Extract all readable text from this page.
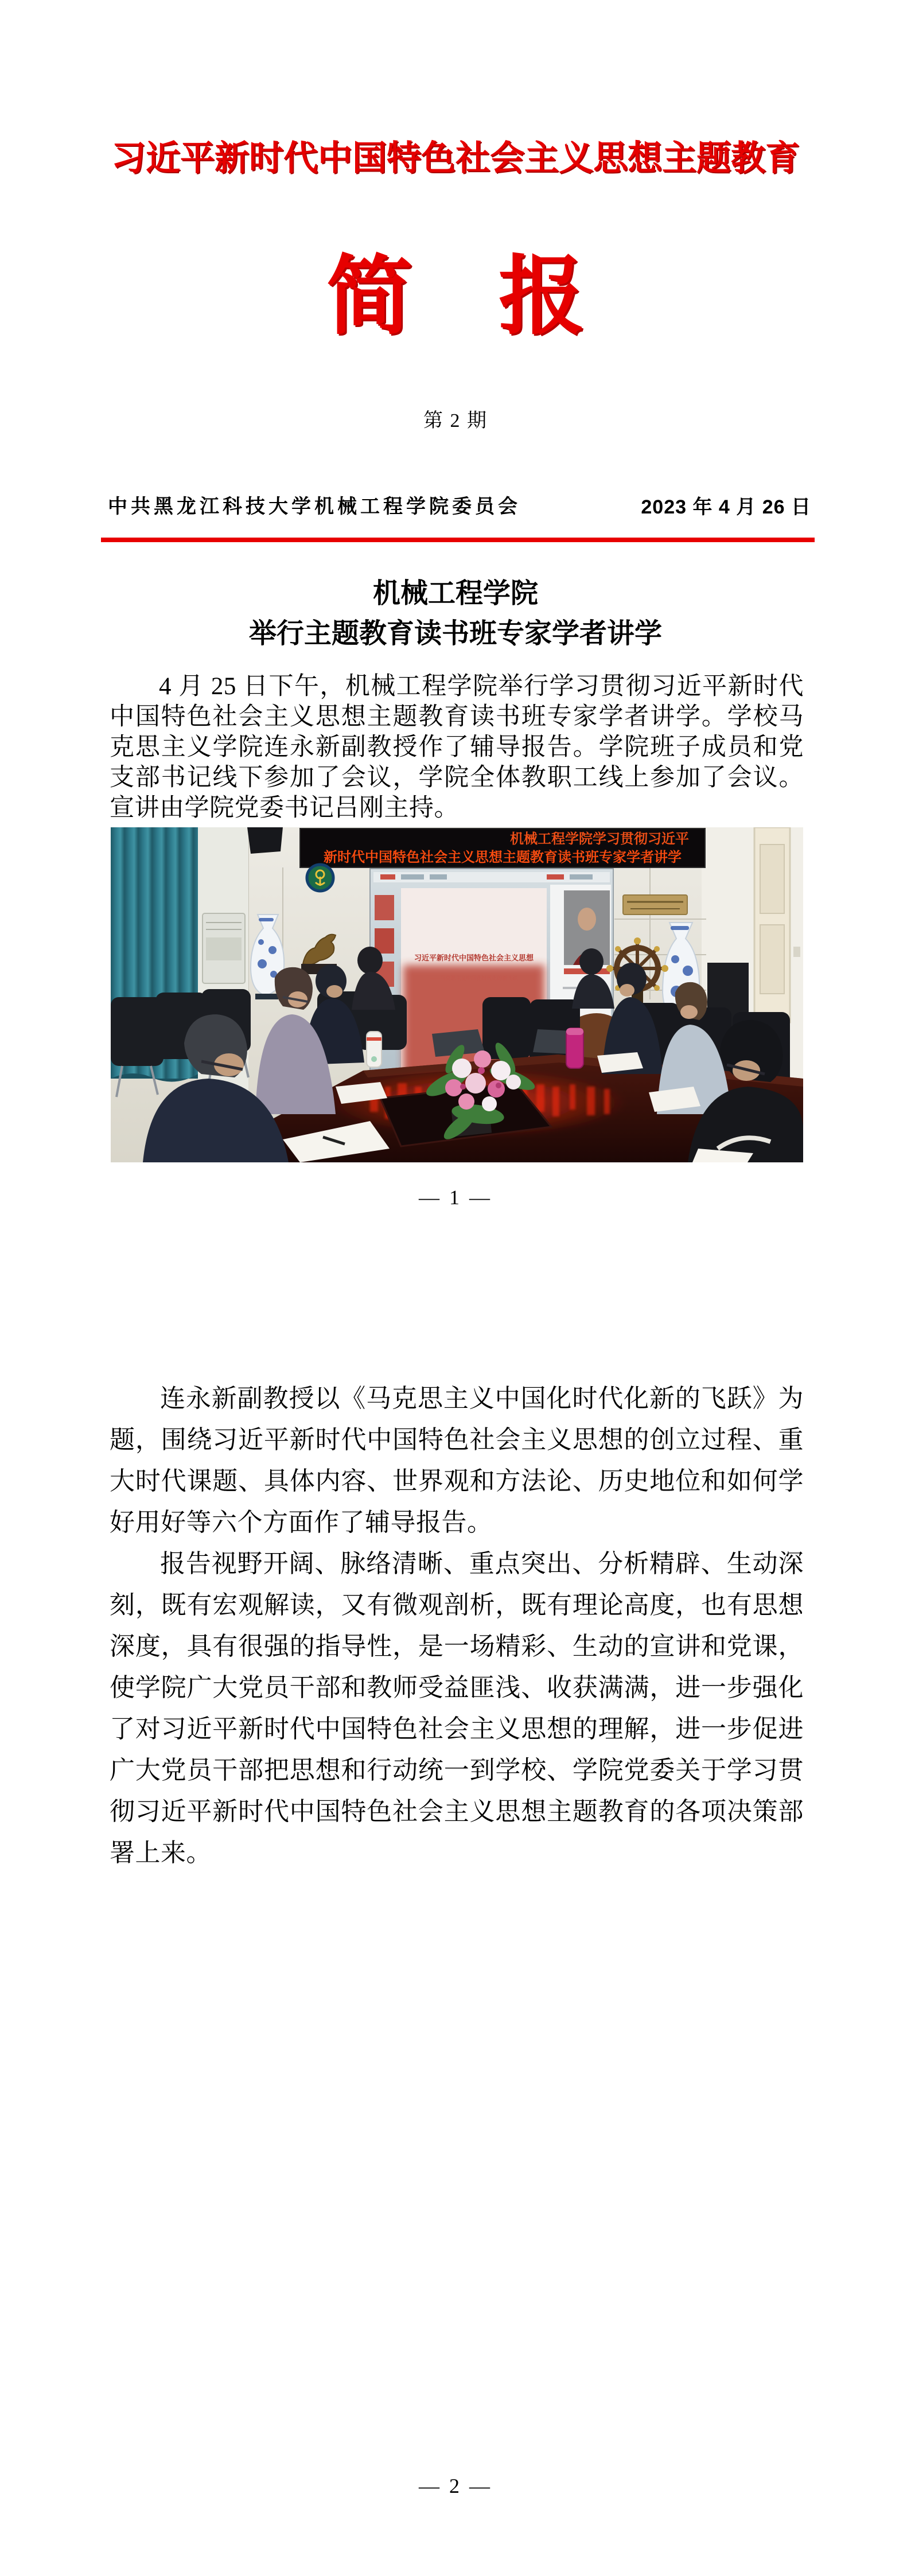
习近平新时代中国特色社会主义思想主题教育
简　报
第 2 期
中共黑龙江科技大学机械工程学院委员会	2023 年 4 月 26 日
机械工程学院
举行主题教育读书班专家学者讲学
4 月 25 日下午，机械工程学院举行学习贯彻习近平新时代中国特色社会主义思想主题教育读书班专家学者讲学。学校马克思主义学院连永新副教授作了辅导报告。学院班子成员和党支部书记线下参加了会议，学院全体教职工线上参加了会议。宣讲由学院党委书记吕刚主持。
机械工程学院学习贯彻习近平
新时代中国特色社会主义思想主题教育读书班专家学者讲学
习近平新时代中国特色社会主义思想
——马克思主义中国化时代化的新飞跃
— 1 —

连永新副教授以《马克思主义中国化时代化新的飞跃》为题，围绕习近平新时代中国特色社会主义思想的创立过程、重大时代课题、具体内容、世界观和方法论、历史地位和如何学好用好等六个方面作了辅导报告。

报告视野开阔、脉络清晰、重点突出、分析精辟、生动深刻，既有宏观解读，又有微观剖析，既有理论高度，也有思想深度，具有很强的指导性，是一场精彩、生动的宣讲和党课，使学院广大党员干部和教师受益匪浅、收获满满，进一步强化了对习近平新时代中国特色社会主义思想的理解，进一步促进广大党员干部把思想和行动统一到学校、学院党委关于学习贯彻习近平新时代中国特色社会主义思想主题教育的各项决策部署上来。

— 2 —
